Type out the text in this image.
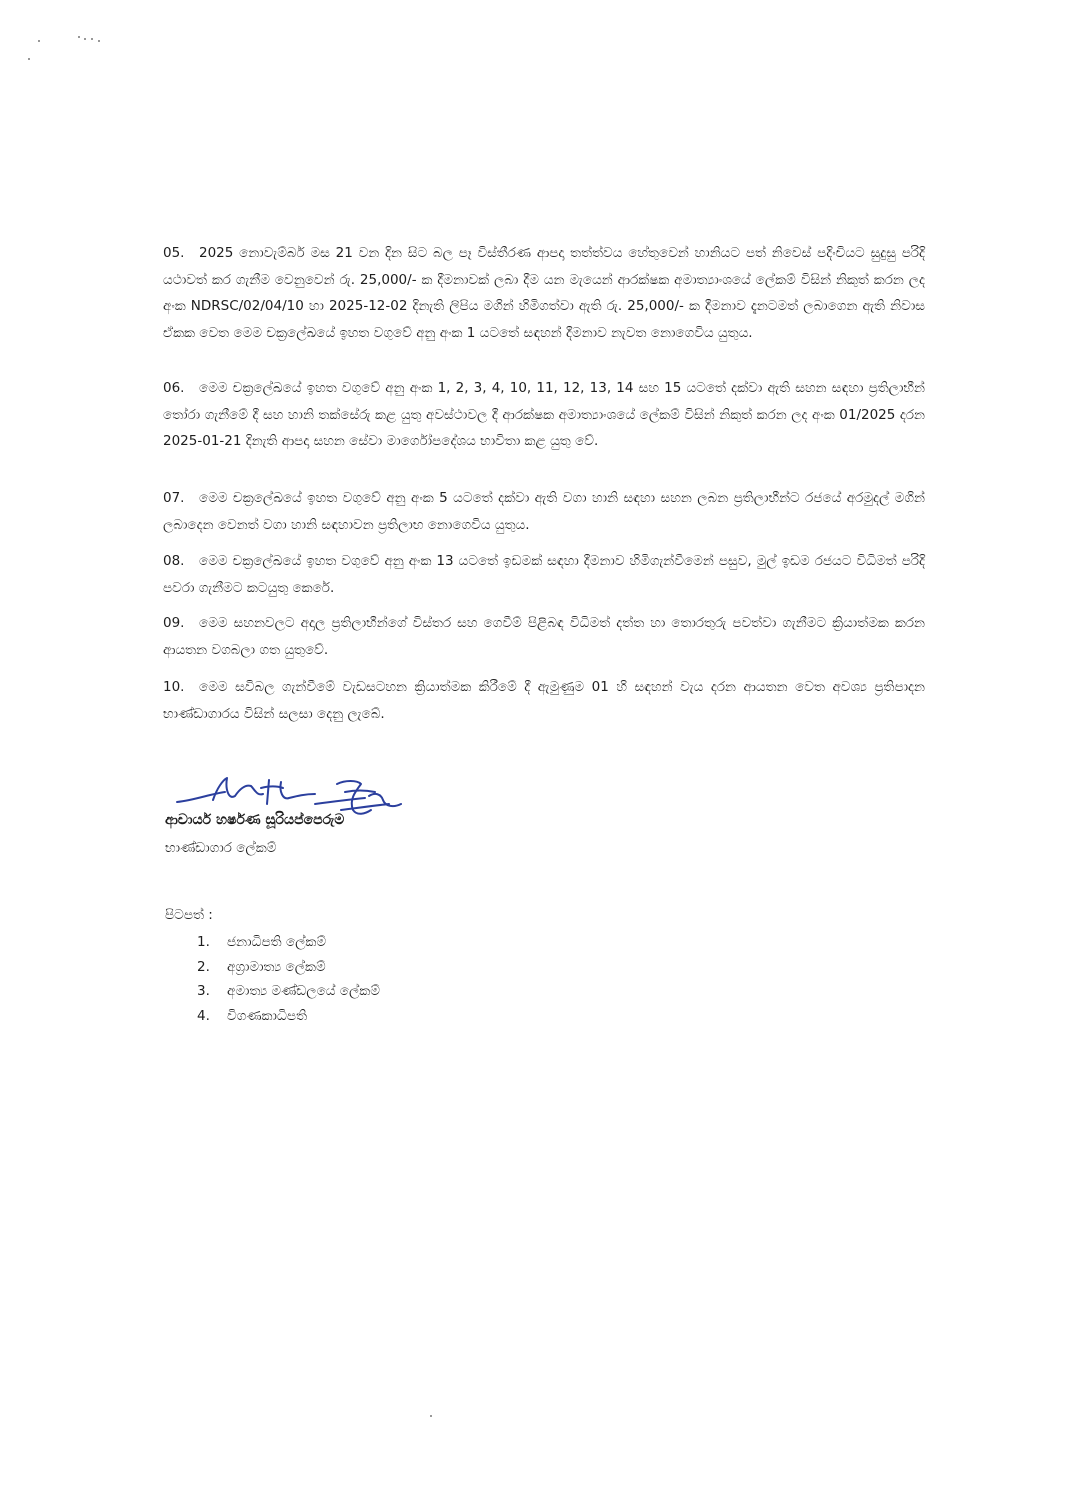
05. 2025 නොවැම්බර් මස 21 වන දින සිට බල පෑ විස්තීරණ ආපදා තත්ත්වය හේතුවෙන් හානියට පත් නිවෙස් පදිංචියට සුදුසු පරිදි යථාවත් කර ගැනීම වෙනුවෙන් රු. 25,000/- ක දීමනාවක් ලබා දීම යන මැයෙන් ආරක්ෂක අමාත්‍යාංශයේ ලේකම් විසින් නිකුත් කරන ලද අංක NDRSC/02/04/10 හා 2025-12-02 දිනැති ලිපිය මගින් හිමිගත්වා ඇති රු. 25,000/- ක දීමනාව දැනටමත් ලබාගෙන ඇති නිවාස ඒකක වෙත මෙම චක්‍රලේඛයේ ඉහත වගුවේ අනු අංක 1 යටතේ සඳහන් දීමනාව නැවත නොගෙවිය යුතුය.

06. මෙම චක්‍රලේඛයේ ඉහත වගුවේ අනු අංක 1, 2, 3, 4, 10, 11, 12, 13, 14 සහ 15 යටතේ දක්වා ඇති සහන සඳහා ප්‍රතිලාභීන් තෝරා ගැනීමේ දී සහ හානි තක්සේරු කළ යුතු අවස්ථාවල දී ආරක්ෂක අමාත්‍යාංශයේ ලේකම් විසින් නිකුත් කරන ලද අංක 01/2025 දරන 2025-01-21 දිනැති ආපදා සහන සේවා මාර්ගෝපදේශය භාවිතා කළ යුතු වේ.

07. මෙම චක්‍රලේඛයේ ඉහත වගුවේ අනු අංක 5 යටතේ දක්වා ඇති වගා හානි සඳහා සහන ලබන ප්‍රතිලාභීන්ට රජයේ අරමුදල් මගින් ලබාදෙන වෙනත් වගා හානි සඳහාවන ප්‍රතිලාභ නොගෙවිය යුතුය.

08. මෙම චක්‍රලේඛයේ ඉහත වගුවේ අනු අංක 13 යටතේ ඉඩමක් සඳහා දීමනාව හිමිගැන්වීමෙන් පසුව, මුල් ඉඩම රජයට විධිමත් පරිදි පවරා ගැනීමට කටයුතු කෙරේ.

09. මෙම සහනවලට අදාල ප්‍රතිලාභීන්ගේ විස්තර සහ ගෙවීම් පිළිබඳ විධිමත් දත්ත හා තොරතුරු පවත්වා ගැනීමට ක්‍රියාත්මක කරන ආයතන වගබලා ගත යුතුවේ.

10. මෙම සවිබල ගැන්වීමේ වැඩසටහන ක්‍රියාත්මක කිරීමේ දී ඇමුණුම 01 හි සඳහන් වැය දරන ආයතන වෙත අවශ්‍ය ප්‍රතිපාදන භාණ්ඩාගාරය විසින් සලසා දෙනු ලැබේ.

ආචාර්ය හර්ෂණ සූරියප්පෙරුම
භාණ්ඩාගාර ලේකම්
පිටපත් :
1. ජනාධිපති ලේකම්
2. අග්‍රාමාත්‍ය ලේකම්
3. අමාත්‍ය මණ්ඩලයේ ලේකම්
4. විගණකාධිපති
